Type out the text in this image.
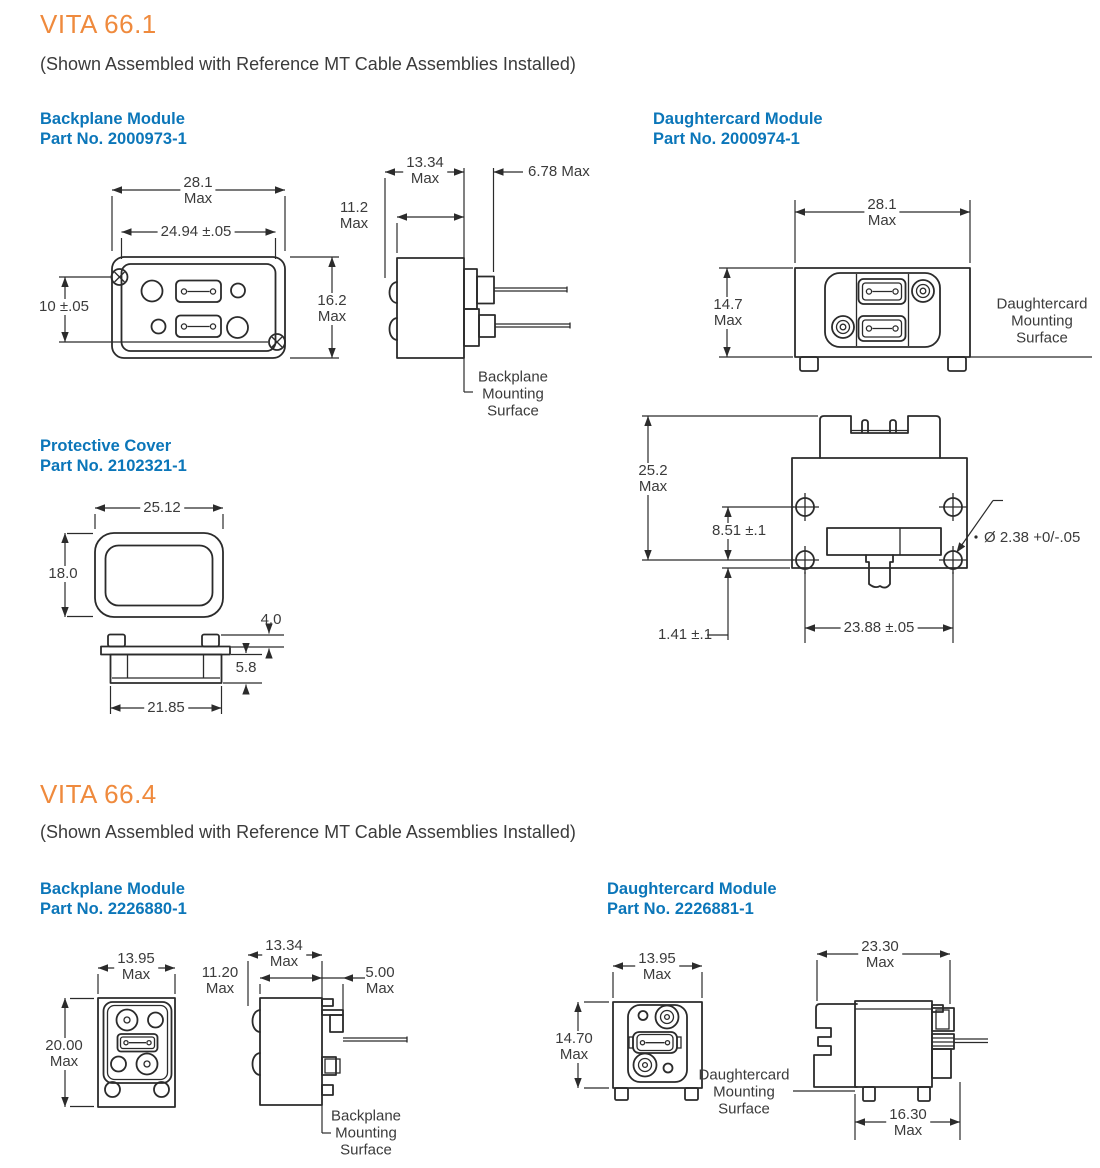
VITA 66.1
(Shown Assembled with Reference MT Cable Assemblies Installed)
Backplane Module
Part No. 2000973-1
Daughtercard Module
Part No. 2000974-1
Protective Cover
Part No. 2102321-1
28.1
Max
24.94 ±.05
10 ±.05	16.2
Max
13.34
Max
11.2
Max
6.78 Max
Backplane
Mounting
Surface
28.1
Max
14.7
Max
Daughtercard
Mounting
Surface
25.2
Max
8.51 ±.1	Ø 2.38 +0/-.05
1.41 ±.1	23.88 ±.05
25.12
18.0
4.0
5.8
21.85
VITA 66.4
(Shown Assembled with Reference MT Cable Assemblies Installed)
Backplane Module
Part No. 2226880-1
Daughtercard Module
Part No. 2226881-1
13.95
Max
20.00
Max
13.34
Max
11.20
Max
5.00
Max
Backplane
Mounting
Surface
13.95
Max
14.70
Max
Daughtercard
Mounting
Surface
23.30
Max
16.30
Max
